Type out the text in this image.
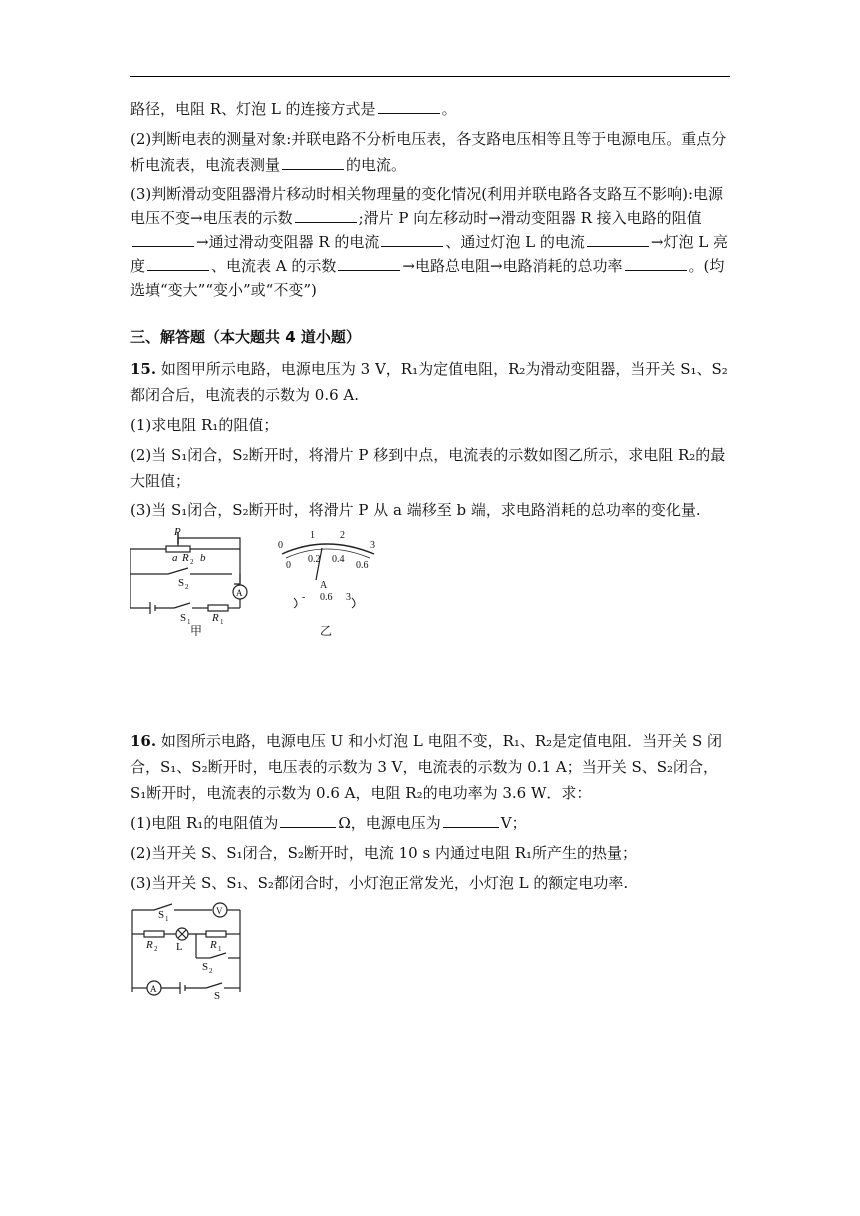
路径，电阻 R、灯泡 L 的连接方式是	。

(2)判断电表的测量对象:并联电路不分析电压表，各支路电压相等且等于电源电压。重点分析电流表，电流表测量	的电流。

(3)判断滑动变阻器滑片移动时相关物理量的变化情况(利用并联电路各支路互不影响):电源电压不变→电压表的示数	;滑片 P 向左移动时→滑动变阻器 R 接入电路的阻值→通过滑动变阻器 R 的电流	、通过灯泡 L 的电流	→灯泡 L 亮度	、电流表 A 的示数	→电路总电阻→电路消耗的总功率	。(均选填“变大”“变小”或“不变”)

三、解答题（本大题共 4 道小题）

15. 如图甲所示电路，电源电压为 3 V，R₁为定值电阻，R₂为滑动变阻器，当开关 S₁、S₂都闭合后，电流表的示数为 0.6 A.

(1)求电阻 R₁的阻值；

(2)当 S₁闭合，S₂断开时，将滑片 P 移到中点，电流表的示数如图乙所示，求电阻 R₂的最大阻值；

(3)当 S₁闭合，S₂断开时，将滑片 P 从 a 端移至 b 端，求电路消耗的总功率的变化量.

P
a R 2 b
S 2
A
S 1 R 1
甲
0
1	2
3
0
0.2 0.4
0.6
A
- 0.6 3
乙

16. 如图所示电路，电源电压 U 和小灯泡 L 电阻不变，R₁、R₂是定值电阻．当开关 S 闭合，S₁、S₂断开时，电压表的示数为 3 V，电流表的示数为 0.1 A；当开关 S、S₂闭合，S₁断开时，电流表的示数为 0.6 A，电阻 R₂的电功率为 3.6 W．求：

(1)电阻 R₁的电阻值为	Ω，电源电压为	V；

(2)当开关 S、S₁闭合，S₂断开时，电流 10 s 内通过电阻 R₁所产生的热量；

(3)当开关 S、S₁、S₂都闭合时，小灯泡正常发光，小灯泡 L 的额定电功率.

S 1
V
R 2 L R 1
S 2
A
S
